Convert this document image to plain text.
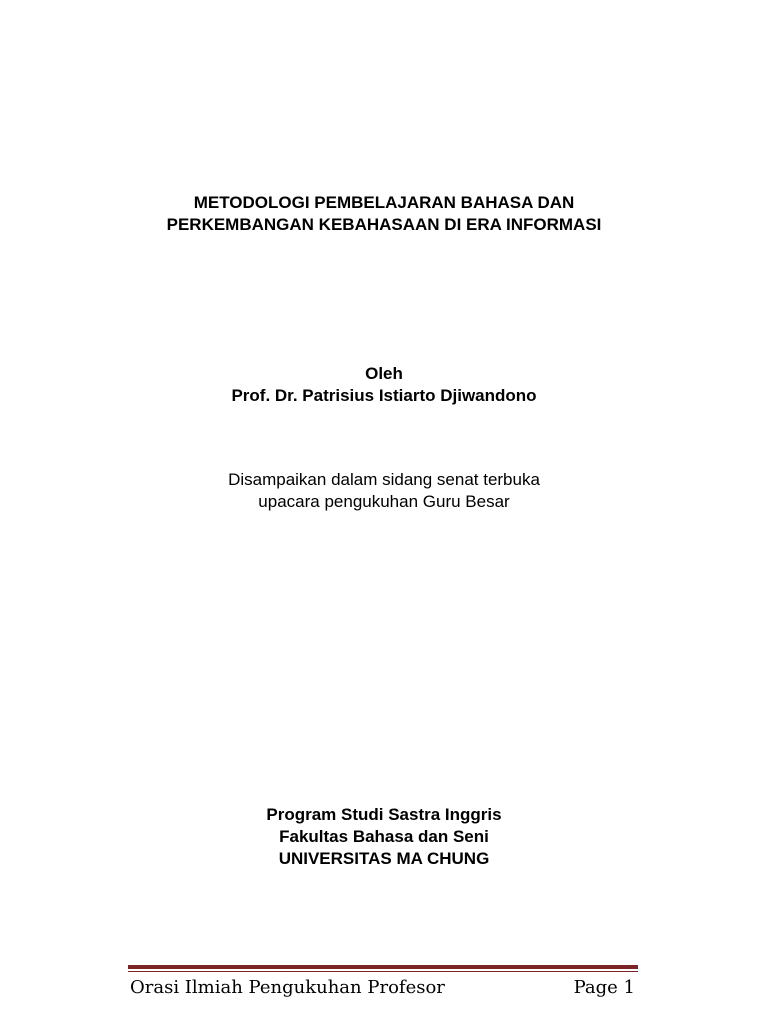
METODOLOGI PEMBELAJARAN BAHASA DAN
PERKEMBANGAN KEBAHASAAN DI ERA INFORMASI
Oleh
Prof. Dr. Patrisius Istiarto Djiwandono
Disampaikan dalam sidang senat terbuka
upacara pengukuhan Guru Besar
Program Studi Sastra Inggris
Fakultas Bahasa dan Seni
UNIVERSITAS MA CHUNG
Orasi Ilmiah Pengukuhan Profesor	Page 1
